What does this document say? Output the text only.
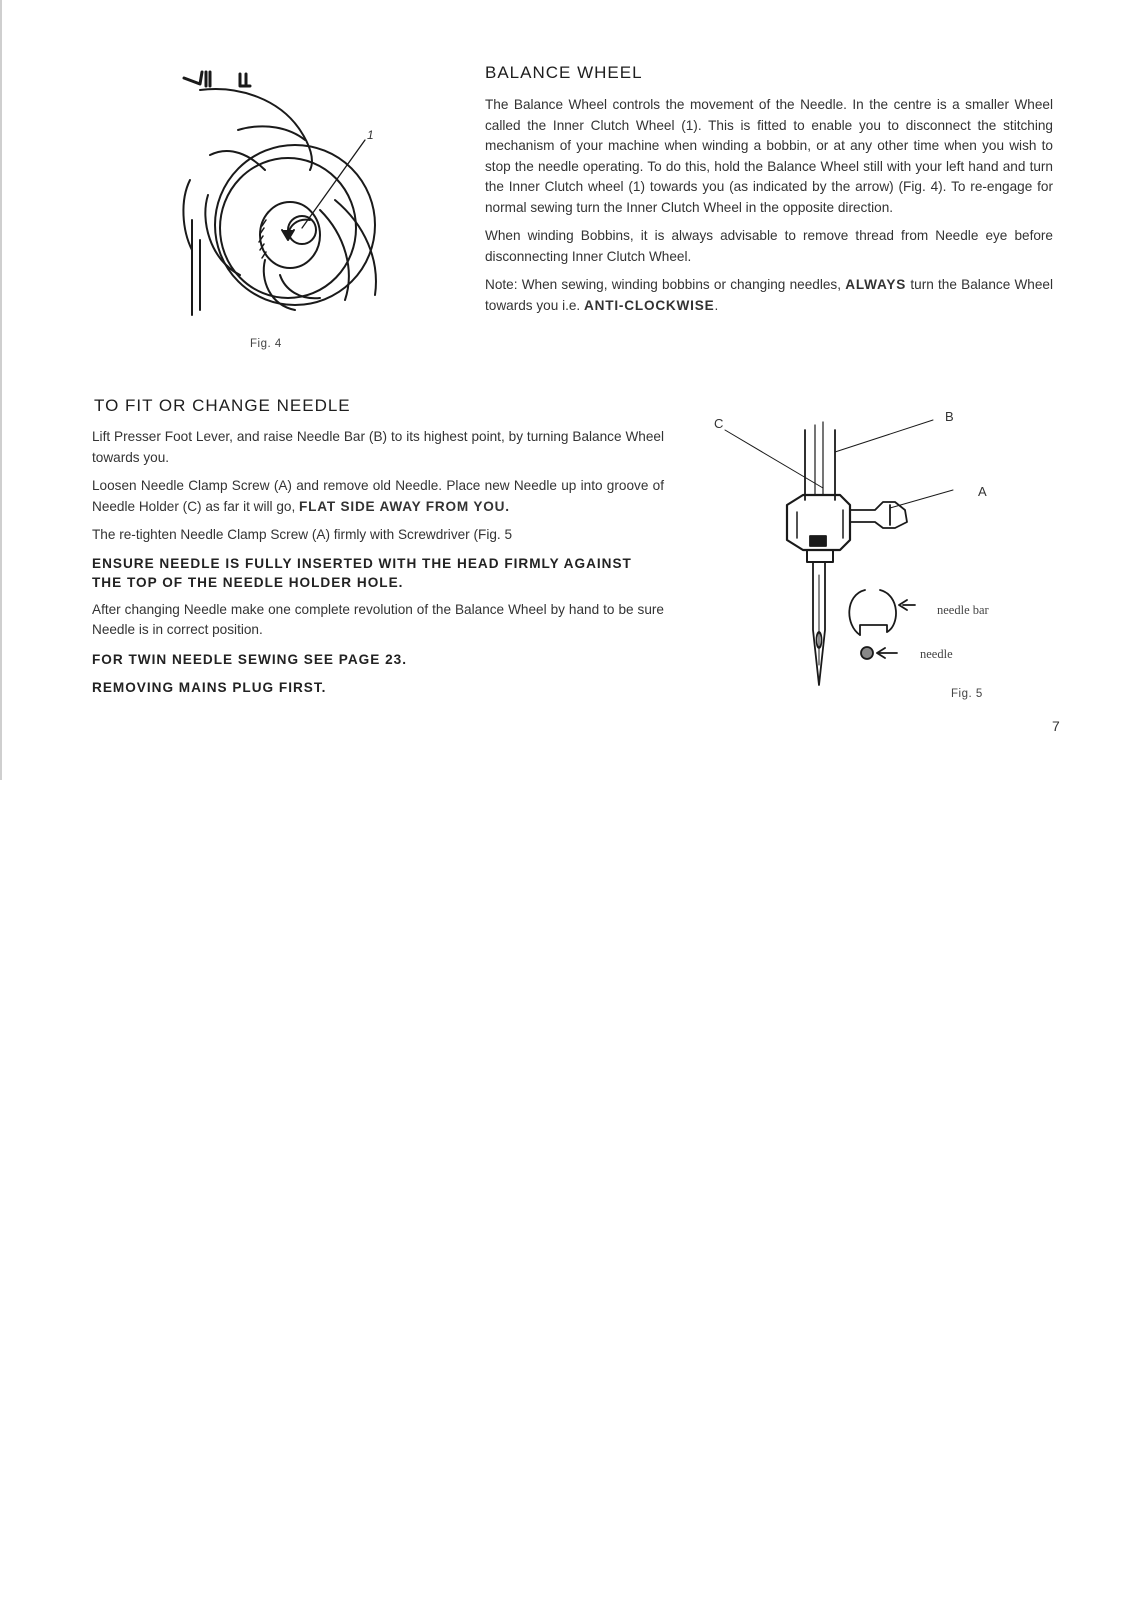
1
Fig. 4
BALANCE WHEEL

The Balance Wheel controls the movement of the Needle. In the centre is a smaller Wheel called the Inner Clutch Wheel (1). This is fitted to enable you to disconnect the stitching mechanism of your machine when winding a bobbin, or at any other time when you wish to stop the needle operating. To do this, hold the Balance Wheel still with your left hand and turn the Inner Clutch wheel (1) towards you (as indicated by the arrow) (Fig. 4). To re-engage for normal sewing turn the Inner Clutch Wheel in the opposite direction.

When winding Bobbins, it is always advisable to remove thread from Needle eye before disconnecting Inner Clutch Wheel.

Note: When sewing, winding bobbins or changing needles, ALWAYS turn the Balance Wheel towards you i.e. ANTI-CLOCKWISE.

TO FIT OR CHANGE NEEDLE

Lift Presser Foot Lever, and raise Needle Bar (B) to its highest point, by turning Balance Wheel towards you.

Loosen Needle Clamp Screw (A) and remove old Needle. Place new Needle up into groove of Needle Holder (C) as far it will go, FLAT SIDE AWAY FROM YOU.

The re-tighten Needle Clamp Screw (A) firmly with Screwdriver (Fig. 5

ENSURE NEEDLE IS FULLY INSERTED WITH THE HEAD FIRMLY AGAINST THE TOP OF THE NEEDLE HOLDER HOLE.

After changing Needle make one complete revolution of the Balance Wheel by hand to be sure Needle is in correct position.

FOR TWIN NEEDLE SEWING SEE PAGE 23.

REMOVING MAINS PLUG FIRST.

C	B
A
needle bar
needle
Fig. 5
7
